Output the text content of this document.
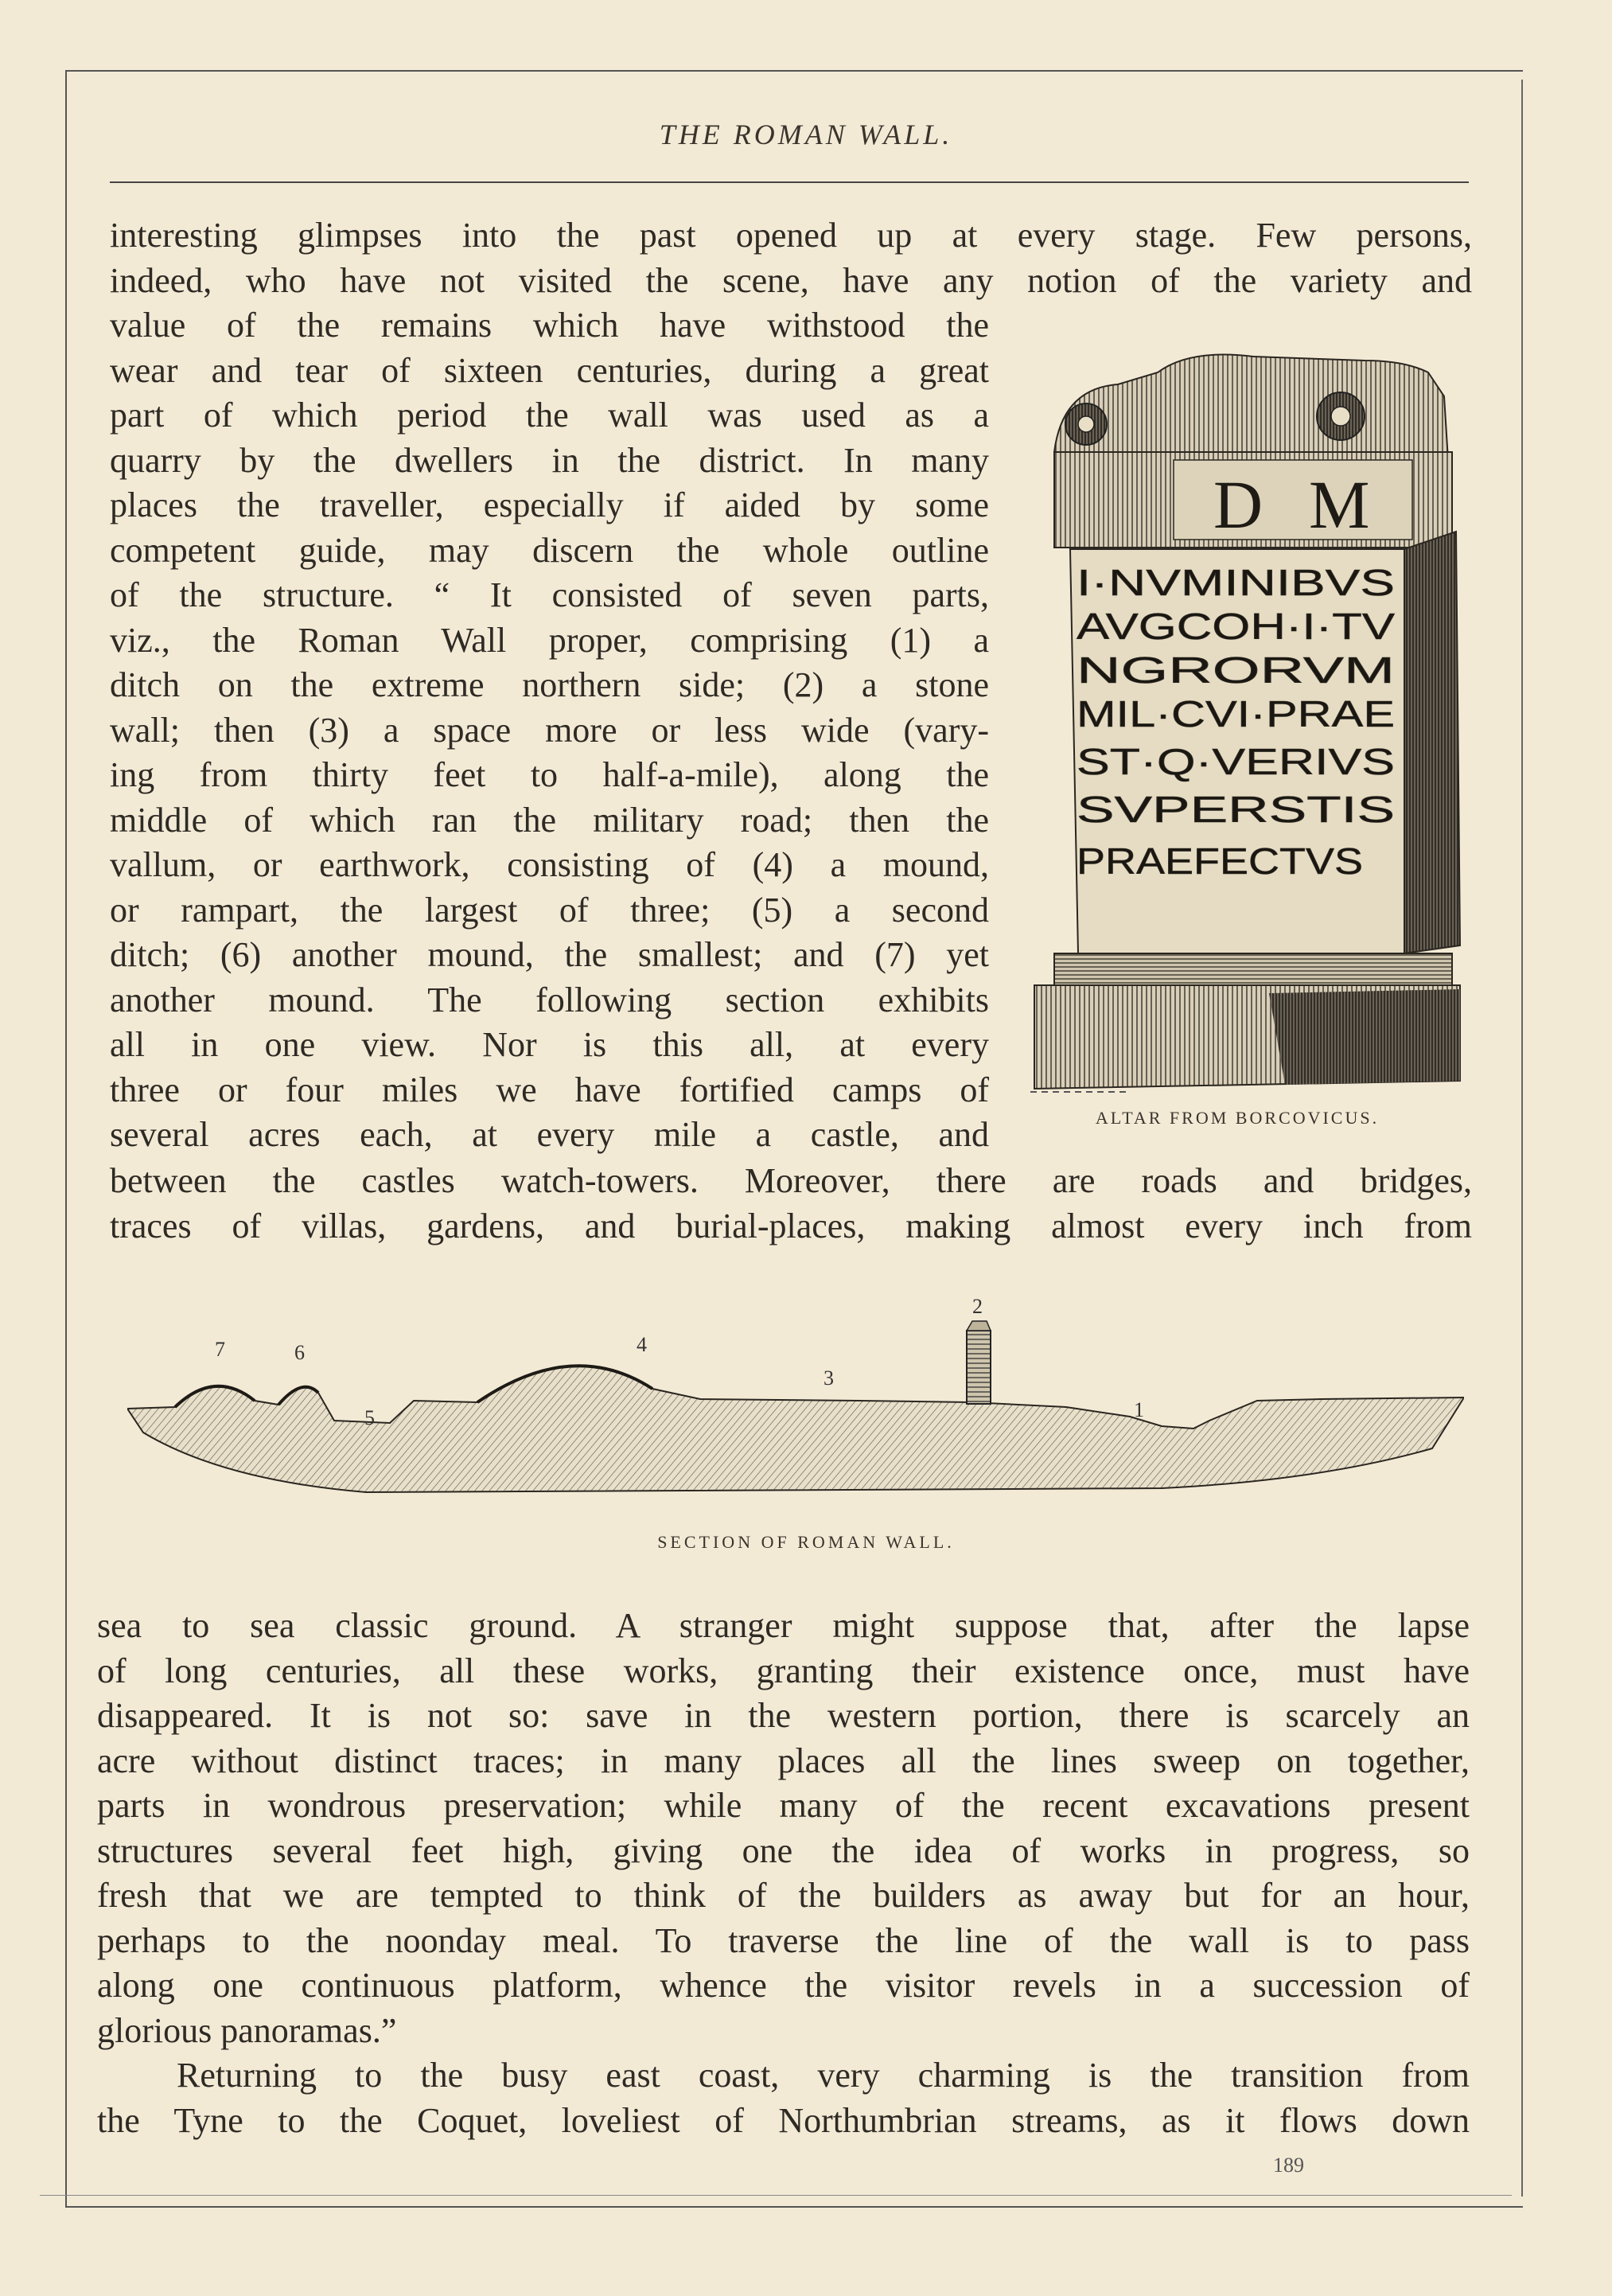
THE ROMAN WALL.

interesting glimpses into the past opened up at every stage. Few persons,

indeed, who have not visited the scene, have any notion of the variety and

value of the remains which have withstood the

wear and tear of sixteen centuries, during a great

part of which period the wall was used as a

quarry by the dwellers in the district. In many

places the traveller, especially if aided by some

competent guide, may discern the whole outline

of the structure. “ It consisted of seven parts,

viz., the Roman Wall proper, comprising (1) a

ditch on the extreme northern side; (2) a stone

wall; then (3) a space more or less wide (vary-

ing from thirty feet to half-a-mile), along the

middle of which ran the military road; then the

vallum, or earthwork, consisting of (4) a mound,

or rampart, the largest of three; (5) a second

ditch; (6) another mound, the smallest; and (7) yet

another mound. The following section exhibits

all in one view. Nor is this all, at every

three or four miles we have fortified camps of

several acres each, at every mile a castle, and

D M
I·NVMINIBVS
AVGCOH·I·TV
NGRORVM
MIL·CVI·PRAE
ST·Q·VERIVS
SVPERSTIS
PRAEFECTVS
ALTAR FROM BORCOVICUS.

between the castles watch-towers. Moreover, there are roads and bridges,

traces of villas, gardens, and burial-places, making almost every inch from

7	6
5
4
3
2
1
SECTION OF ROMAN WALL.

sea to sea classic ground. A stranger might suppose that, after the lapse

of long centuries, all these works, granting their existence once, must have

disappeared. It is not so: save in the western portion, there is scarcely an

acre without distinct traces; in many places all the lines sweep on together,

parts in wondrous preservation; while many of the recent excavations present

structures several feet high, giving one the idea of works in progress, so

fresh that we are tempted to think of the builders as away but for an hour,

perhaps to the noonday meal. To traverse the line of the wall is to pass

along one continuous platform, whence the visitor revels in a succession of

glorious panoramas.”

Returning to the busy east coast, very charming is the transition from

the Tyne to the Coquet, loveliest of Northumbrian streams, as it flows down

189
